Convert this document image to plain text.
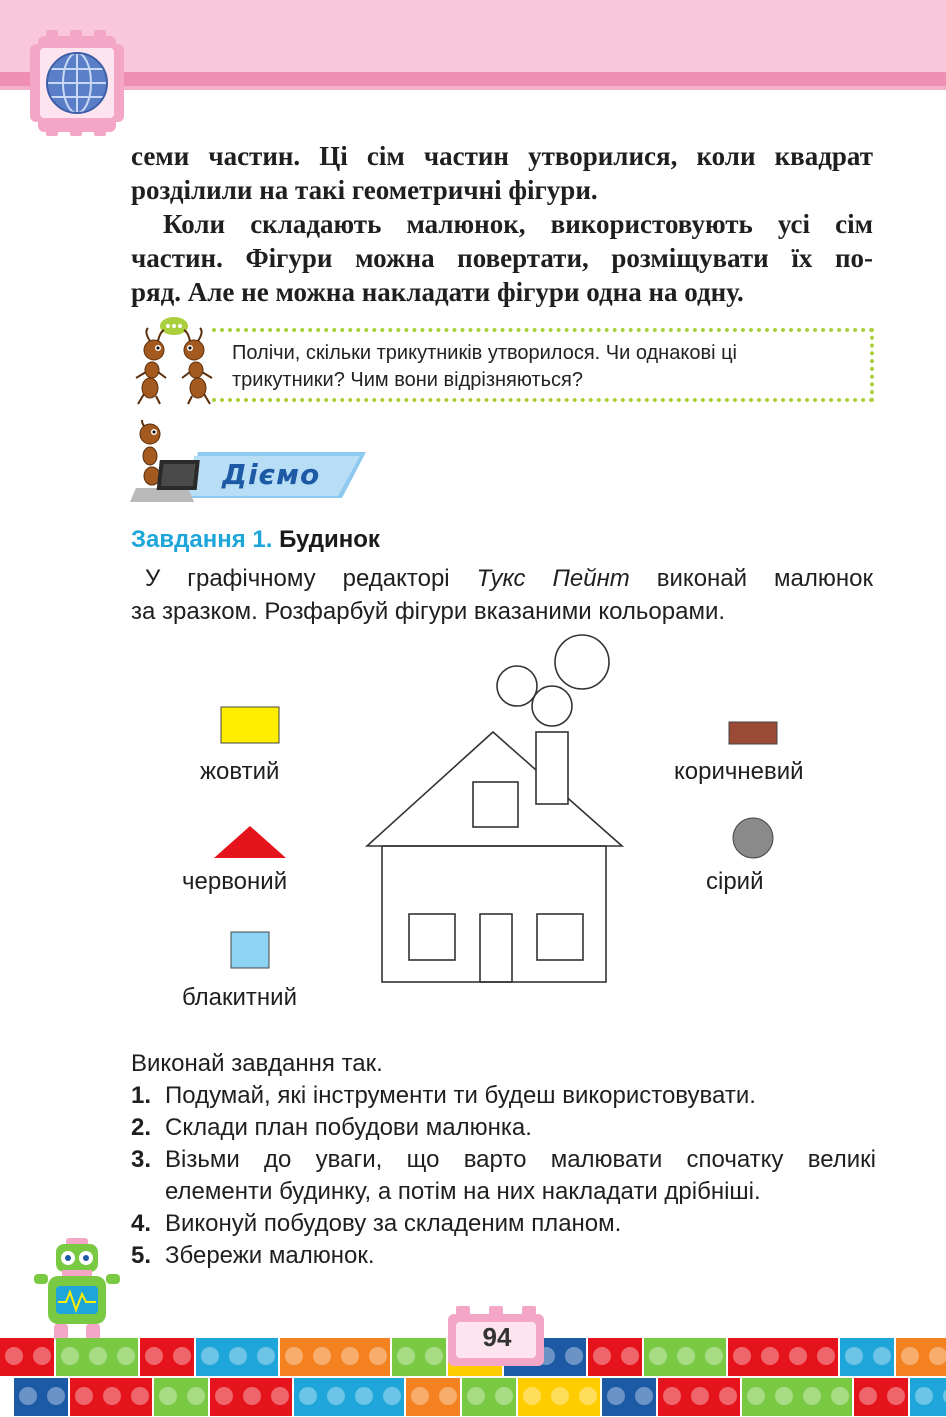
семи частин. Ці сім частин утворилися, коли квадрат
розділили на такі геометричні фігури.
Коли складають малюнок, використовують усі сім
частин. Фігури можна повертати, розміщувати їх по-
ряд. Але не можна накладати фігури одна на одну.
Полічи, скільки трикутників утворилося. Чи однакові ці
трикутники? Чим вони відрізняються?
Дiємо
Завдання 1. Будинок
У графічному редакторі Тукс Пейнт виконай малюнок
за зразком. Розфарбуй фігури вказаними кольорами.
жовтий
червоний
блакитний
коричневий
сірий
Виконай завдання так.
1. Подумай, які інструменти ти будеш використовувати.
2. Склади план побудови малюнка.
3. Візьми до уваги, що варто малювати спочатку великі
елементи будинку, а потім на них накладати дрібніші.
4. Виконуй побудову за складеним планом.
5. Збережи малюнок.
94
